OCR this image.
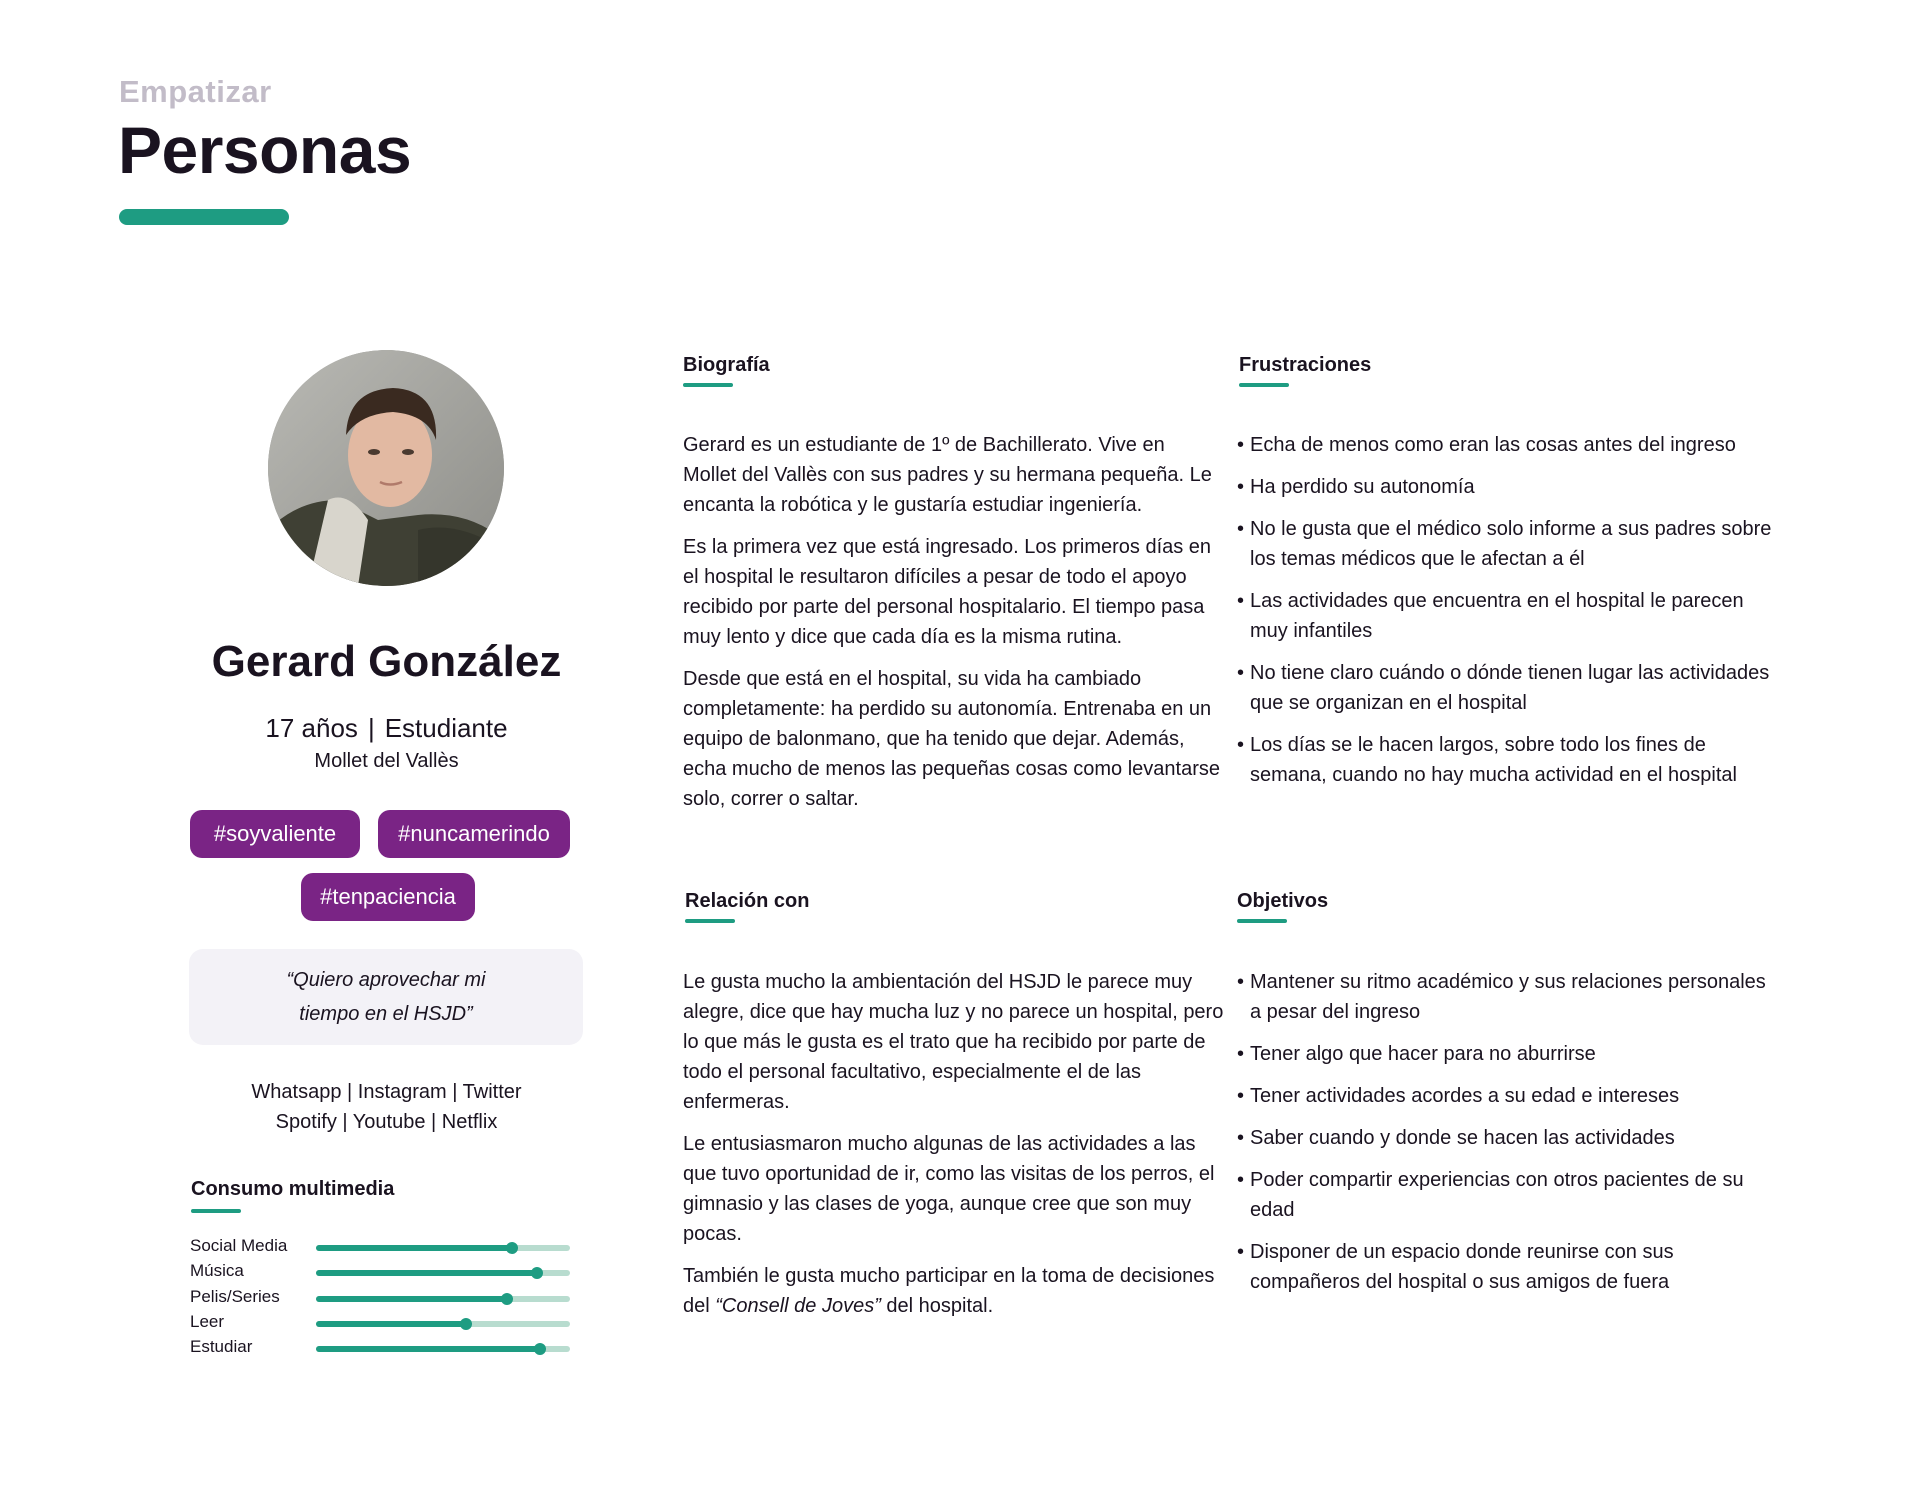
Empatizar
Personas
Gerard González
17 años | Estudiante
Mollet del Vallès
#soyvaliente	#nuncamerindo
#tenpaciencia
“Quiero aprovechar mi
tiempo en el HSJD”
Whatsapp | Instagram | Twitter
Spotify | Youtube | Netflix
Consumo multimedia
Social Media
Música
Pelis/Series
Leer
Estudiar
Biografía

Gerard es un estudiante de 1º de Bachillerato. Vive en Mollet del Vallès con sus padres y su hermana pequeña. Le encanta la robótica y le gustaría estudiar ingeniería.

Es la primera vez que está ingresado. Los primeros días en el hospital le resultaron difíciles a pesar de todo el apoyo recibido por parte del personal hospitalario. El tiempo pasa muy lento y dice que cada día es la misma rutina.

Desde que está en el hospital, su vida ha cambiado completamente: ha perdido su autonomía. Entrenaba en un equipo de balonmano, que ha tenido que dejar. Además, echa mucho de menos las pequeñas cosas como levantarse solo, correr o saltar.

Frustraciones
• Echa de menos como eran las cosas antes del ingreso
• Ha perdido su autonomía
• No le gusta que el médico solo informe a sus padres sobre los temas médicos que le afectan a él
• Las actividades que encuentra en el hospital le parecen muy infantiles
• No tiene claro cuándo o dónde tienen lugar las actividades que se organizan en el hospital
• Los días se le hacen largos, sobre todo los fines de semana, cuando no hay mucha actividad en el hospital
Relación con

Le gusta mucho la ambientación del HSJD le parece muy alegre, dice que hay mucha luz y no parece un hospital, pero lo que más le gusta es el trato que ha recibido por parte de todo el personal facultativo, especialmente el de las enfermeras.

Le entusiasmaron mucho algunas de las actividades a las que tuvo oportunidad de ir, como las visitas de los perros, el gimnasio y las clases de yoga, aunque cree que son muy pocas.

También le gusta mucho participar en la toma de decisiones del “Consell de Joves” del hospital.

Objetivos
• Mantener su ritmo académico y sus relaciones personales a pesar del ingreso
• Tener algo que hacer para no aburrirse
• Tener actividades acordes a su edad e intereses
• Saber cuando y donde se hacen las actividades
• Poder compartir experiencias con otros pacientes de su edad
• Disponer de un espacio donde reunirse con sus compañeros del hospital o sus amigos de fuera
